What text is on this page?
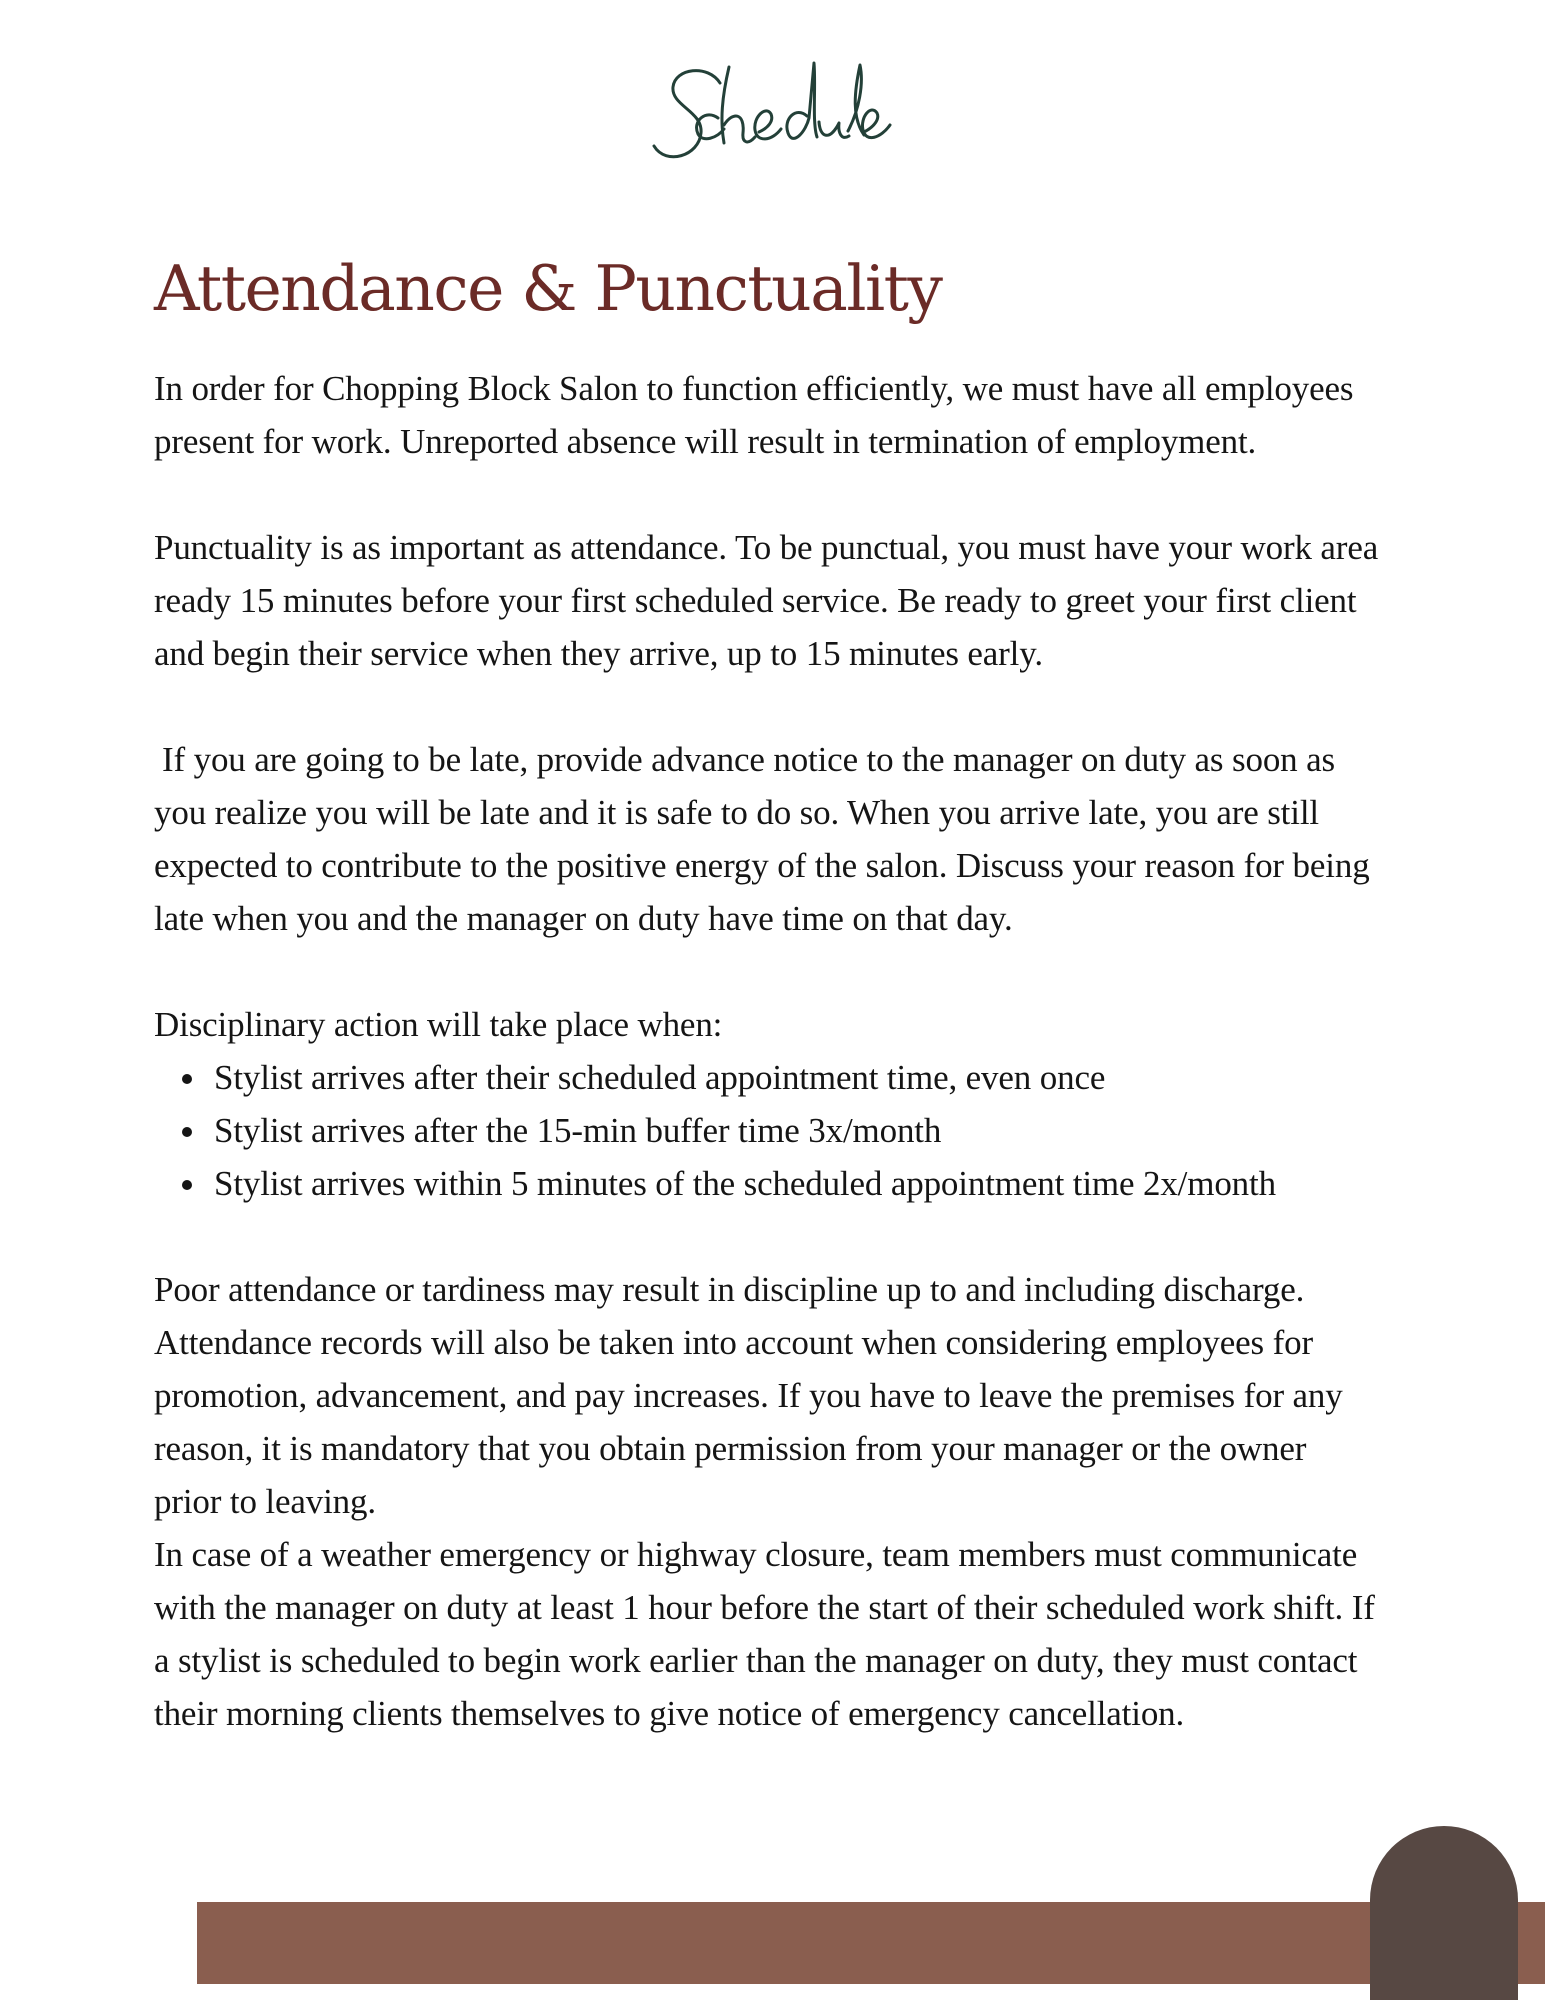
Attendance & Punctuality

In order for Chopping Block Salon to function efficiently, we must have all employees
present for work. Unreported absence will result in termination of employment.

Punctuality is as important as attendance. To be punctual, you must have your work area
ready 15 minutes before your first scheduled service. Be ready to greet your first client
and begin their service when they arrive, up to 15 minutes early.

If you are going to be late, provide advance notice to the manager on duty as soon as
you realize you will be late and it is safe to do so. When you arrive late, you are still
expected to contribute to the positive energy of the salon. Discuss your reason for being
late when you and the manager on duty have time on that day.

Disciplinary action will take place when:

Stylist arrives after their scheduled appointment time, even once
Stylist arrives after the 15-min buffer time 3x/month
Stylist arrives within 5 minutes of the scheduled appointment time 2x/month

Poor attendance or tardiness may result in discipline up to and including discharge.
Attendance records will also be taken into account when considering employees for
promotion, advancement, and pay increases. If you have to leave the premises for any
reason, it is mandatory that you obtain permission from your manager or the owner
prior to leaving.

In case of a weather emergency or highway closure, team members must communicate
with the manager on duty at least 1 hour before the start of their scheduled work shift. If
a stylist is scheduled to begin work earlier than the manager on duty, they must contact
their morning clients themselves to give notice of emergency cancellation.
